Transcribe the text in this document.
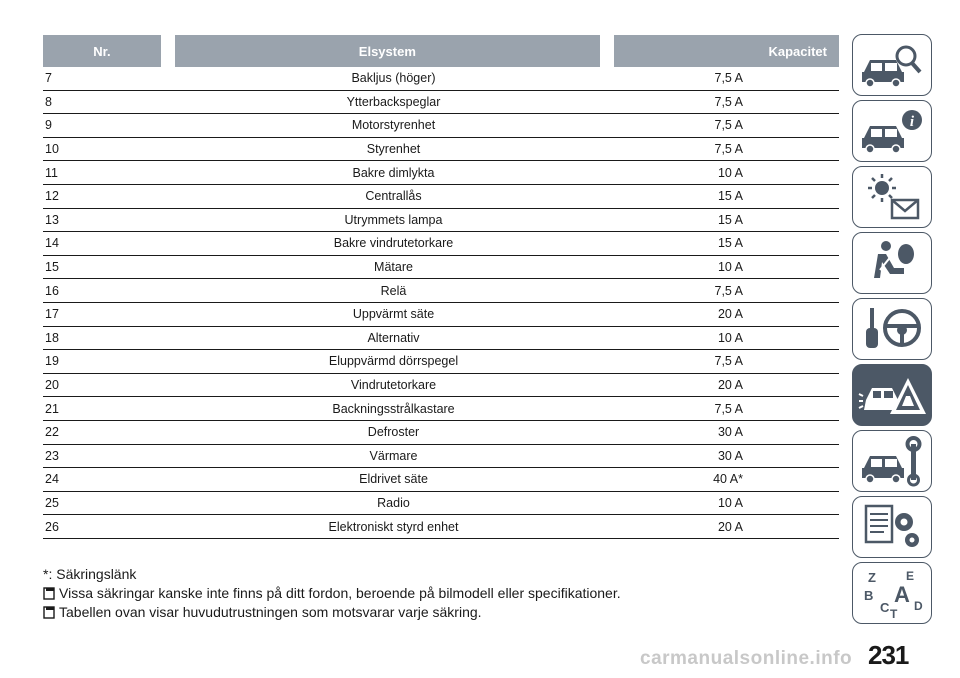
Nr.	Elsystem	Kapacitet
7	Bakljus (höger)	7,5 A
8	Ytterbackspeglar	7,5 A
9	Motorstyrenhet	7,5 A
10	Styrenhet	7,5 A
11	Bakre dimlykta	10 A
12	Centrallås	15 A
13	Utrymmets lampa	15 A
14	Bakre vindrutetorkare	15 A
15	Mätare	10 A
16	Relä	7,5 A
17	Uppvärmt säte	20 A
18	Alternativ	10 A
19	Eluppvärmd dörrspegel	7,5 A
20	Vindrutetorkare	20 A
21	Backningsstrålkastare	7,5 A
22	Defroster	30 A
23	Värmare	30 A
24	Eldrivet säte	40 A*
25	Radio	10 A
26	Elektroniskt styrd enhet	20 A
*: Säkringslänk
Vissa säkringar kanske inte finns på ditt fordon, beroende på bilmodell eller specifikationer.
Tabellen ovan visar huvudutrustningen som motsvarar varje säkring.
i
Z	E
B A
C T
D
231
carmanualsonline.info
